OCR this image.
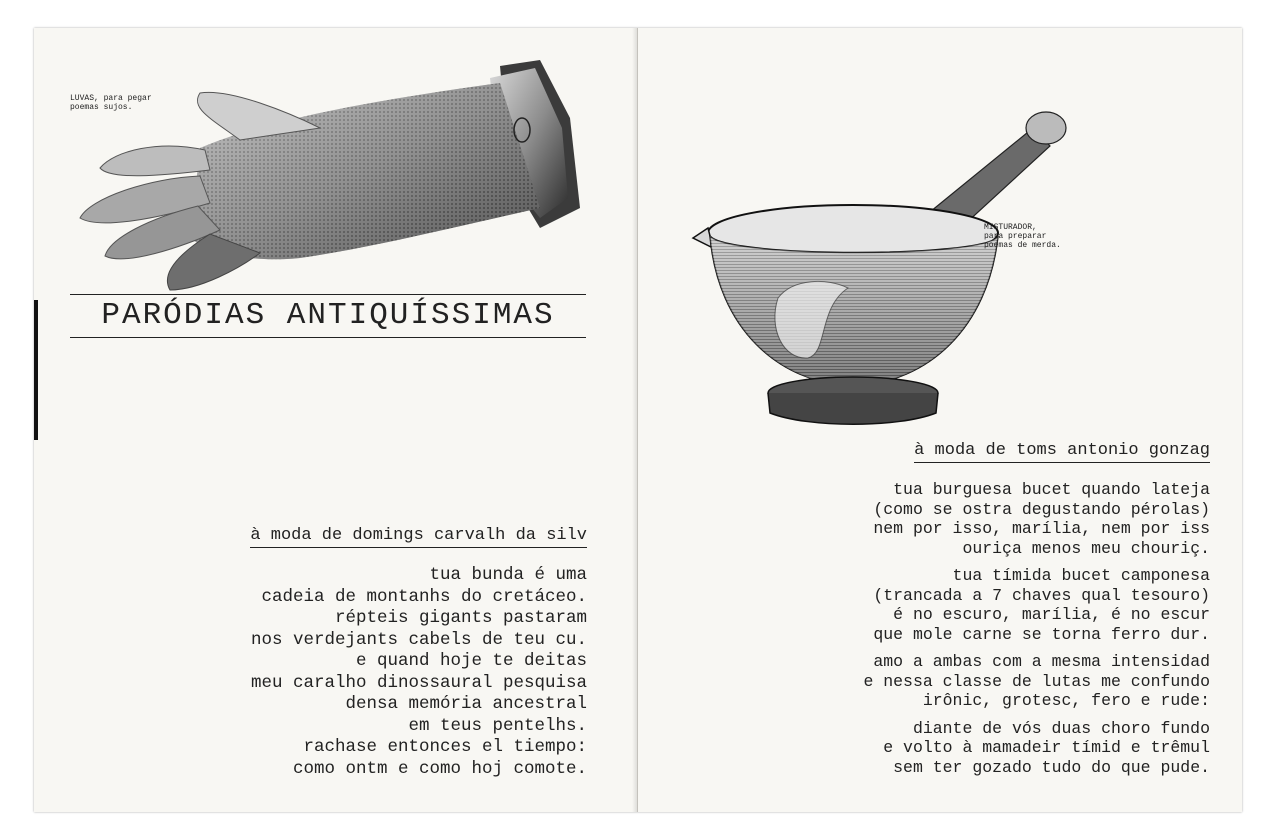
LUVAS, para pegar
poemas sujos.
PARÓDIAS ANTIQUÍSSIMAS
à moda de domings carvalh da silv
tua bunda é uma
cadeia de montanhs do cretáceo.
répteis gigants pastaram
nos verdejants cabels de teu cu.
e quand hoje te deitas
meu caralho dinossaural pesquisa
densa memória ancestral
em teus pentelhs.
rachase entonces el tiempo:
como ontm e como hoj comote.
MISTURADOR,
para preparar
poemas de merda.
à moda de toms antonio gonzag
tua burguesa bucet quando lateja
(como se ostra degustando pérolas)
nem por isso, marília, nem por iss
ouriça menos meu chouriç.
tua tímida bucet camponesa
(trancada a 7 chaves qual tesouro)
é no escuro, marília, é no escur
que mole carne se torna ferro dur.
amo a ambas com a mesma intensidad
e nessa classe de lutas me confundo
irônic, grotesc, fero e rude:
diante de vós duas choro fundo
e volto à mamadeir tímid e trêmul
sem ter gozado tudo do que pude.
